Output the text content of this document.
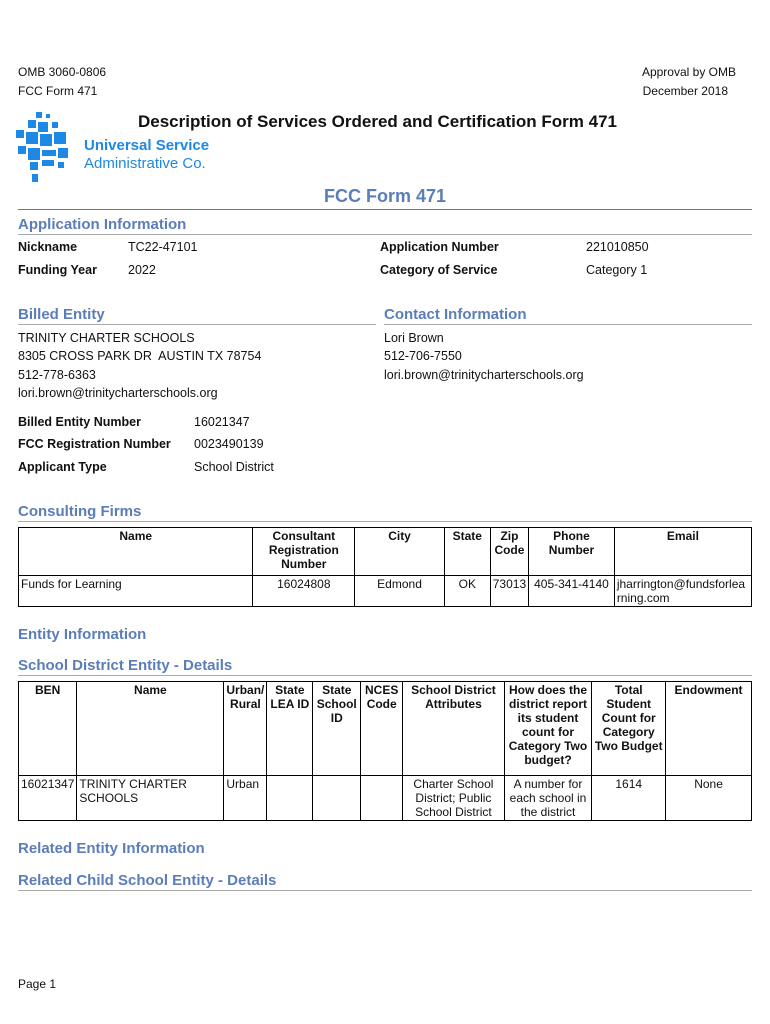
OMB 3060-0806
FCC Form 471
Approval by OMB
December 2018
Universal Service
Administrative Co.
Description of Services Ordered and Certification Form 471
FCC Form 471
Application Information
Nickname	TC22-47101
Funding Year 2022
Application Number	221010850
Category of Service	Category 1
Billed Entity
TRINITY CHARTER SCHOOLS
8305 CROSS PARK DR  AUSTIN TX 78754
512-778-6363
lori.brown@trinitycharterschools.org
Contact Information
Lori Brown
512-706-7550
lori.brown@trinitycharterschools.org
Billed Entity Number	16021347
FCC Registration Number 0023490139
Applicant Type	School District
Consulting Firms
Name	Consultant Registration Number	City	State	Zip Code	Phone Number	Email
Funds for Learning	16024808	Edmond	OK	73013	405-341-4140	jharrington@fundsforlearning.com
Entity Information
School District Entity - Details
BEN	Name	Urban/ Rural	State LEA ID	State School ID	NCES Code	School District Attributes	How does the district report its student count for Category Two budget?	Total Student Count for Category Two Budget	Endowment
16021347	TRINITY CHARTER SCHOOLS	Urban				Charter School District; Public School District	A number for each school in the district	1614	None
Related Entity Information
Related Child School Entity - Details
Page 1
